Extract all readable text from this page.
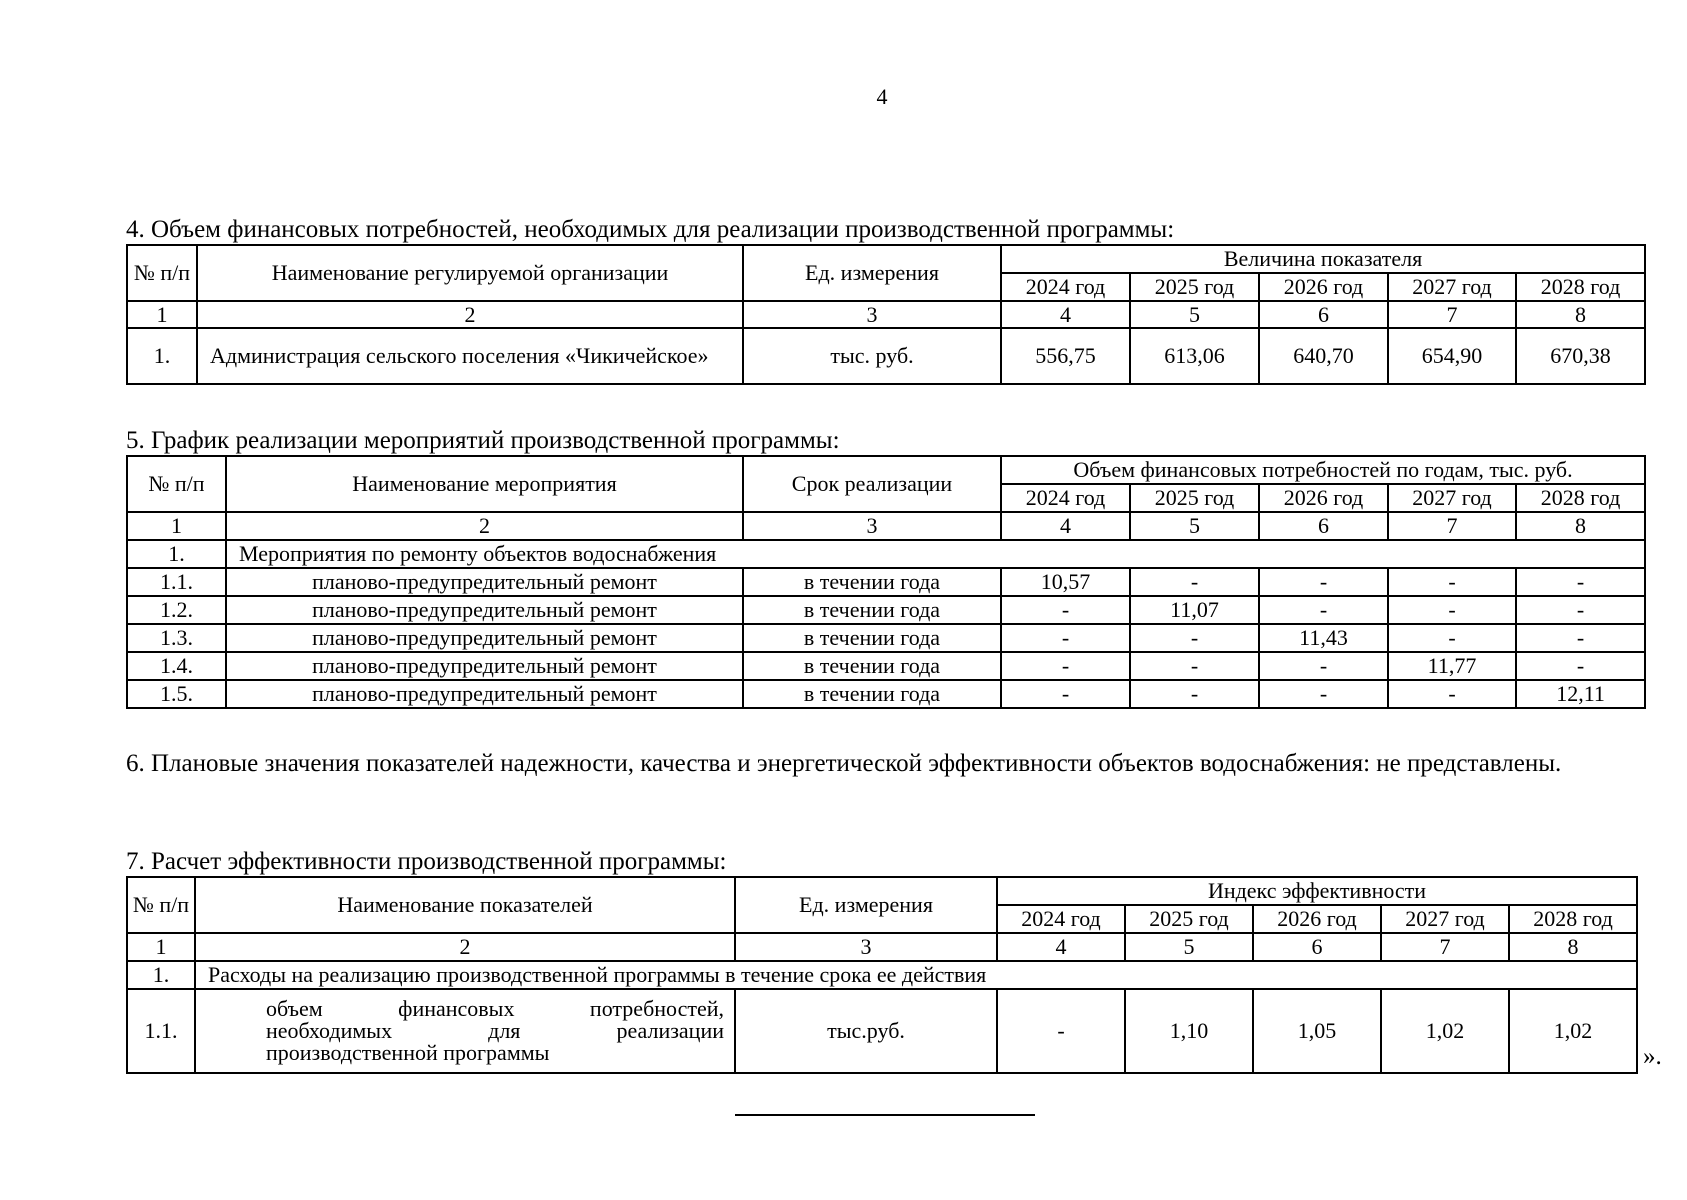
4
4. Объем финансовых потребностей, необходимых для реализации производственной программы:
№ п/п	Наименование регулируемой организации	Ед. измерения	Величина показателя				
			2024 год	2025 год	2026 год	2027 год	2028 год
1	2	3	4	5	6	7	8
1.	Администрация сельского поселения «Чикичейское»	тыс. руб.	556,75	613,06	640,70	654,90	670,38
5. График реализации мероприятий производственной программы:
№ п/п	Наименование мероприятия	Срок реализации	Объем финансовых потребностей по годам, тыс. руб.				
			2024 год	2025 год	2026 год	2027 год	2028 год
1	2	3	4	5	6	7	8
1.	Мероприятия по ремонту объектов водоснабжения						
1.1.	планово-предупредительный ремонт	в течении года	10,57	-	-	-	-
1.2.	планово-предупредительный ремонт	в течении года	-	11,07	-	-	-
1.3.	планово-предупредительный ремонт	в течении года	-	-	11,43	-	-
1.4.	планово-предупредительный ремонт	в течении года	-	-	-	11,77	-
1.5.	планово-предупредительный ремонт	в течении года	-	-	-	-	12,11
6. Плановые значения показателей надежности, качества и энергетической эффективности объектов водоснабжения: не представлены.
7. Расчет эффективности производственной программы:
№ п/п	Наименование показателей	Ед. измерения	Индекс эффективности				
			2024 год	2025 год	2026 год	2027 год	2028 год
1	2	3	4	5	6	7	8
1.	Расходы на реализацию производственной программы в течение срока ее действия						
1.1.	объем финансовых потребностей,
необходимых для реализации
производственной программы	тыс.руб.	-	1,10	1,05	1,02	1,02
».
